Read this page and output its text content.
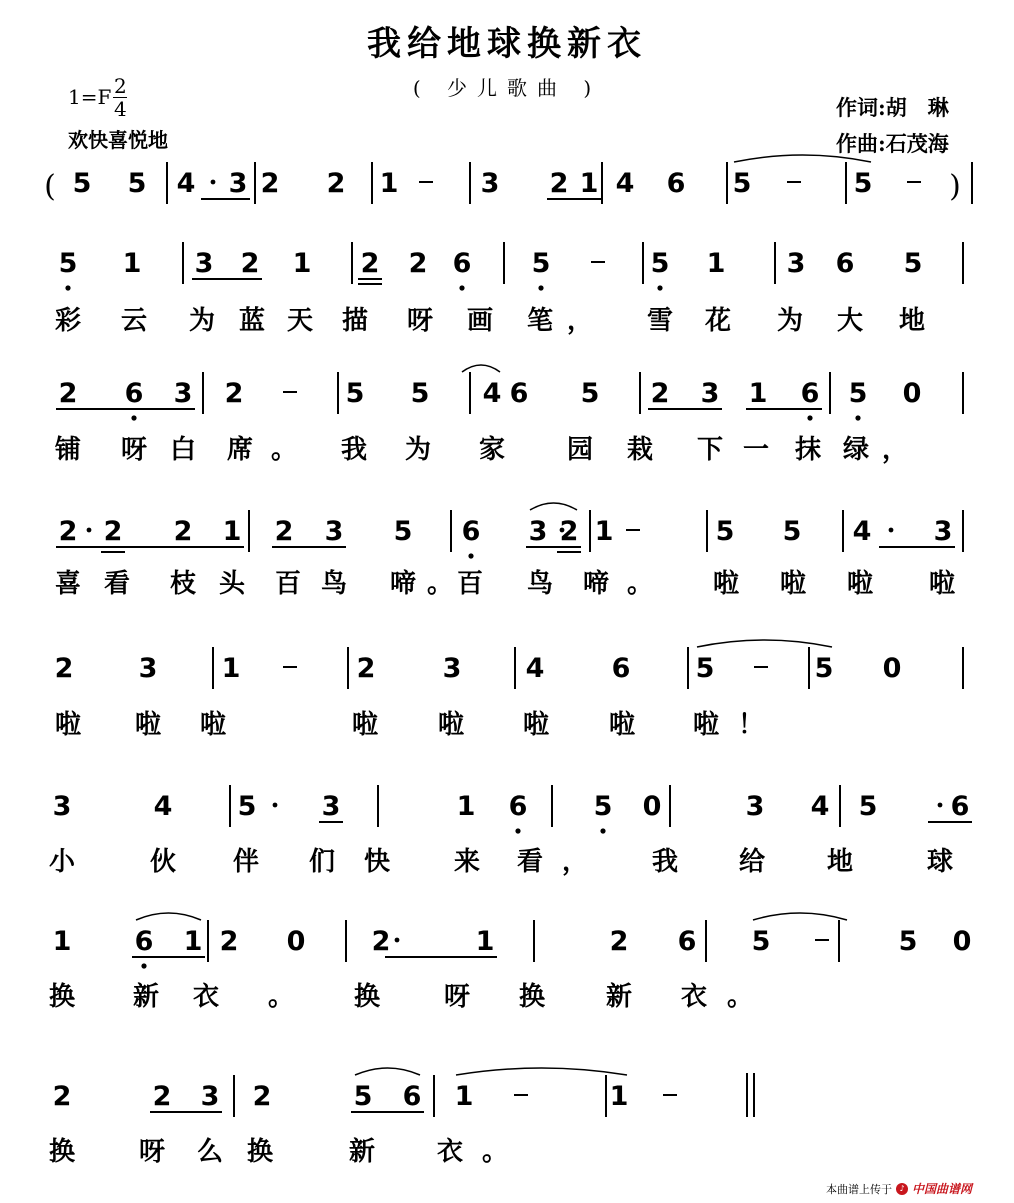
我给地球换新衣
( 少儿歌曲 )
$1=F \frac{2}{4}$
欢快喜悦地
作词:胡　琳
作曲:石茂海
( 5 5 4 3 2 2 1	3 2 1 4 6 5	5	)
5 1 3 2 1 2 2 6 5	5 1 3 6 5
彩 云 为 蓝 天 描 呀 画 笔 ， 雪 花 为 大 地
2 6 3 2	5 5 4 6 5 2 3 1 6 5 0
铺 呀 白 席 。 我 为 家 园 栽 下 一 抹 绿 ，
2 2 2 1 2 3 5 6 3 2 1	5 5 4 3
喜 看 枝 头 百 鸟 啼 。 百 鸟 啼 。 啦 啦 啦 啦
2 3 1	2 3 4 6 5	5 0
啦 啦 啦	啦 啦 啦 啦 啦 ！
3	4 5 3	1 6 5 0	3 4 5	6
小	伙 伴 们 快 来 看 ， 我 给 地	球
1 6 1 2 0 2	1	2 6 5	5 0
换 新 衣 。 换 呀 换 新 衣 。
2	2 3 2	5 6 1	1
换 呀 么 换	新 衣 。
本曲谱上传于 ♪ 中国曲谱网
